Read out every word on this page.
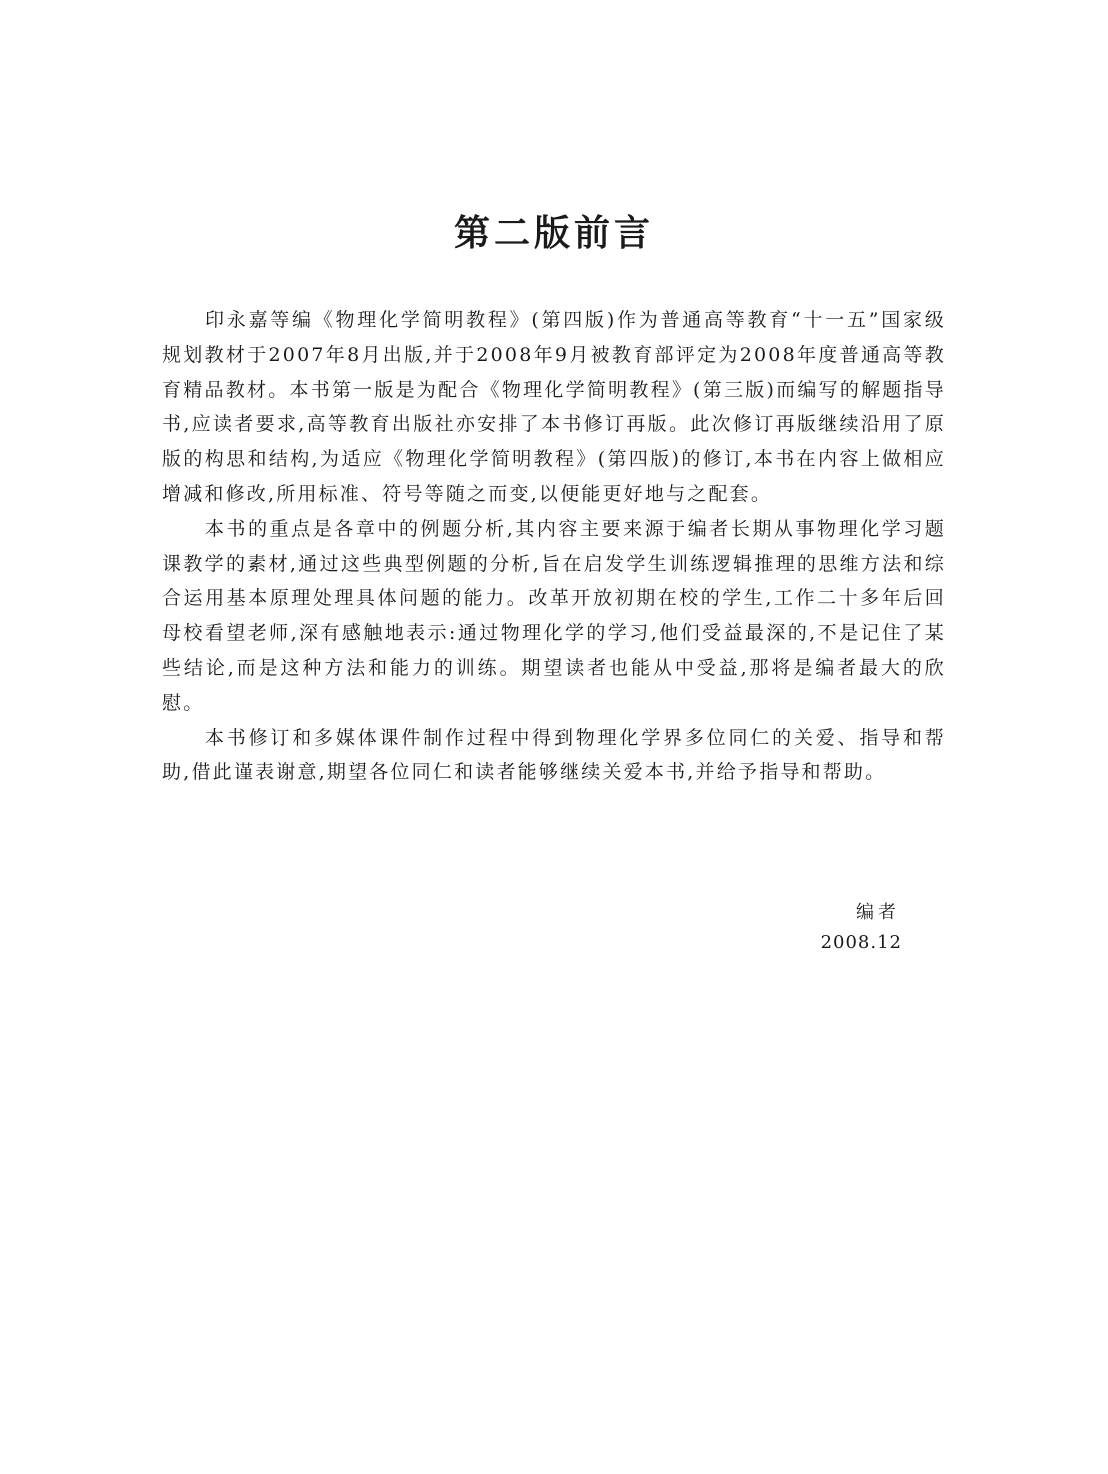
第二版前言

印永嘉等编《物理化学简明教程》(第四版)作为普通高等教育“十一五”国家级规划教材于2007年8月出版,并于2008年9月被教育部评定为2008年度普通高等教育精品教材。本书第一版是为配合《物理化学简明教程》(第三版)而编写的解题指导书,应读者要求,高等教育出版社亦安排了本书修订再版。此次修订再版继续沿用了原版的构思和结构,为适应《物理化学简明教程》(第四版)的修订,本书在内容上做相应增减和修改,所用标准、符号等随之而变,以便能更好地与之配套。

本书的重点是各章中的例题分析,其内容主要来源于编者长期从事物理化学习题课教学的素材,通过这些典型例题的分析,旨在启发学生训练逻辑推理的思维方法和综合运用基本原理处理具体问题的能力。改革开放初期在校的学生,工作二十多年后回母校看望老师,深有感触地表示:通过物理化学的学习,他们受益最深的,不是记住了某些结论,而是这种方法和能力的训练。期望读者也能从中受益,那将是编者最大的欣慰。

本书修订和多媒体课件制作过程中得到物理化学界多位同仁的关爱、指导和帮助,借此谨表谢意,期望各位同仁和读者能够继续关爱本书,并给予指导和帮助。

编者
2008.12
